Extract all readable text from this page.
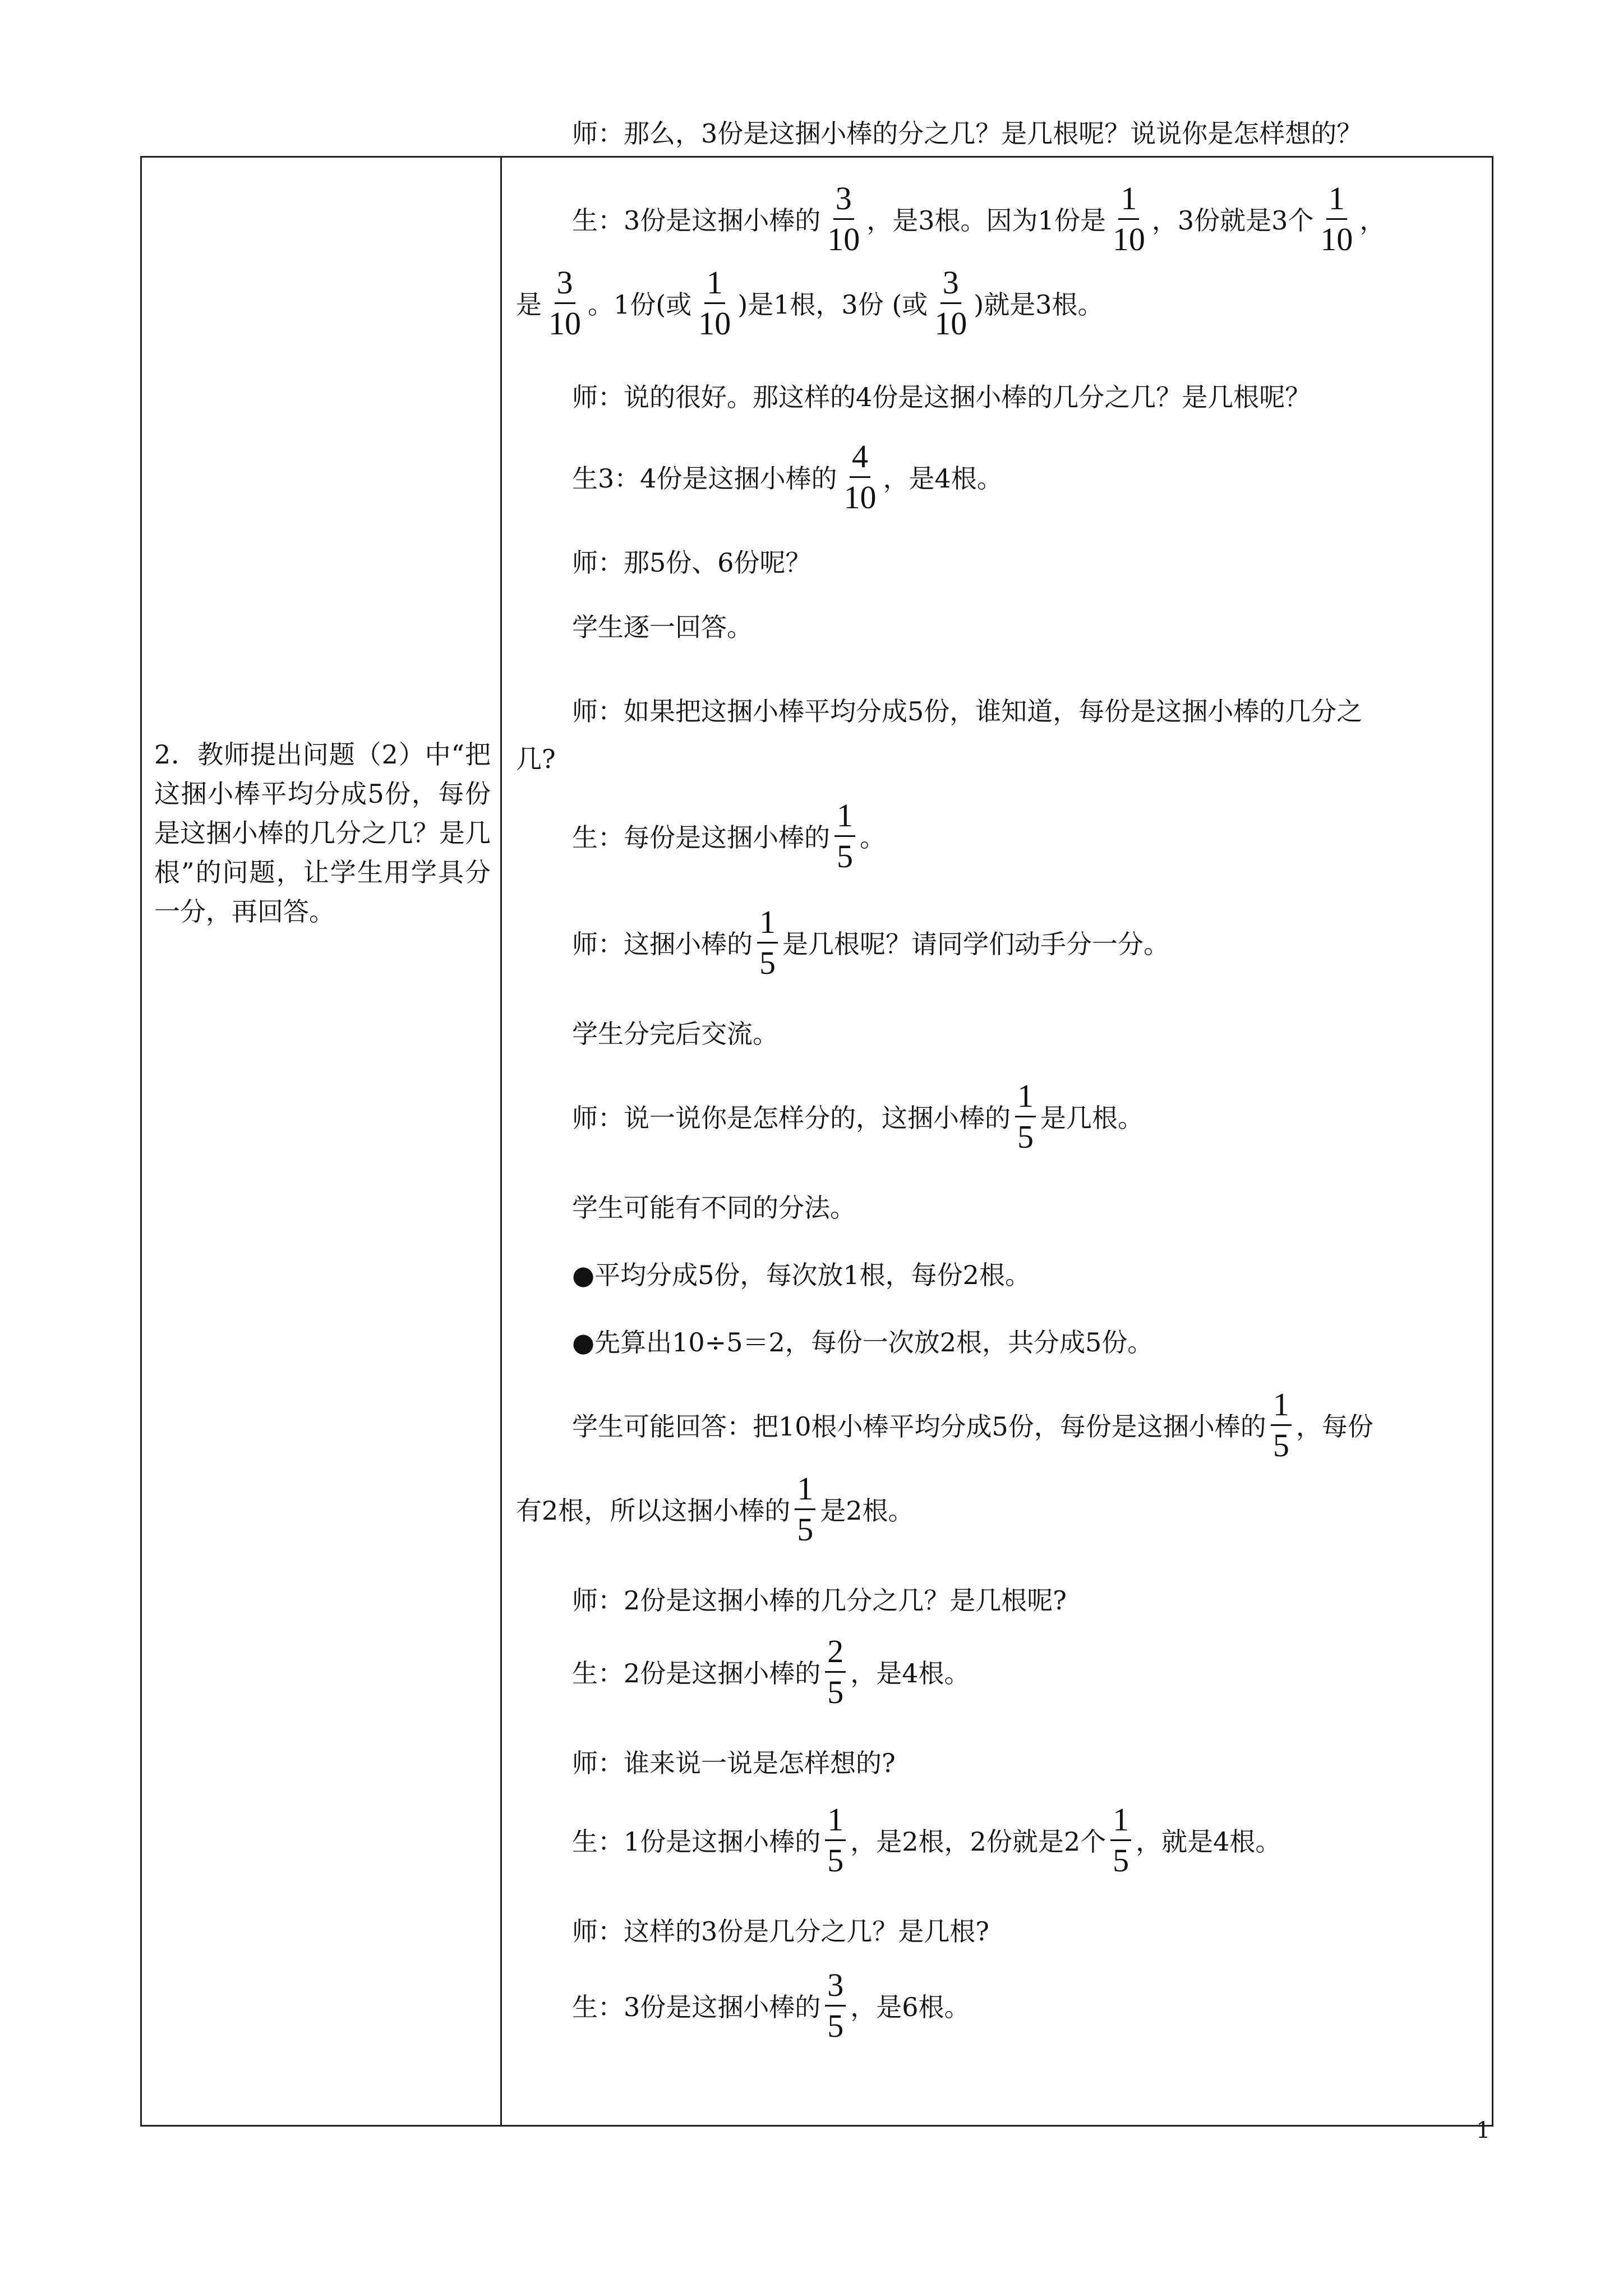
2．教师提出问题（2）中“把这捆小棒平均分成5份，每份是这捆小棒的几分之几？是几根”的问题，让学生用学具分一分，再回答。
师：那么，3份是这捆小棒的分之几？是几根呢？说说你是怎样想的？
生：3份是这捆小棒的 $\frac{3}{10}$ ，是3根。因为1份是 $\frac{1}{10}$ ，3份就是3个 $\frac{1}{10}$ ，
是 $\frac{3}{10}$ 。1份(或 $\frac{1}{10}$ )是1根，3份 (或 $\frac{3}{10}$ )就是3根。
师：说的很好。那这样的4份是这捆小棒的几分之几？是几根呢？
生3：4份是这捆小棒的 $\frac{4}{10}$ ，是4根。
师：那5份、6份呢？
学生逐一回答。
师：如果把这捆小棒平均分成5份，谁知道，每份是这捆小棒的几分之
几?
生：每份是这捆小棒的 $\frac{1}{5}$ 。
师：这捆小棒的 $\frac{1}{5}$ 是几根呢？请同学们动手分一分。
学生分完后交流。
师：说一说你是怎样分的，这捆小棒的 $\frac{1}{5}$ 是几根。
学生可能有不同的分法。
●平均分成5份，每次放1根，每份2根。
●先算出10÷5＝2，每份一次放2根，共分成5份。
学生可能回答：把10根小棒平均分成5份，每份是这捆小棒的 $\frac{1}{5}$ ，每份
有2根，所以这捆小棒的 $\frac{1}{5}$ 是2根。
师：2份是这捆小棒的几分之几？是几根呢?
生：2份是这捆小棒的 $\frac{2}{5}$ ，是4根。
师：谁来说一说是怎样想的?
生：1份是这捆小棒的 $\frac{1}{5}$ ，是2根，2份就是2个 $\frac{1}{5}$ ，就是4根。
师：这样的3份是几分之几？是几根?
生：3份是这捆小棒的 $\frac{3}{5}$ ，是6根。
1
